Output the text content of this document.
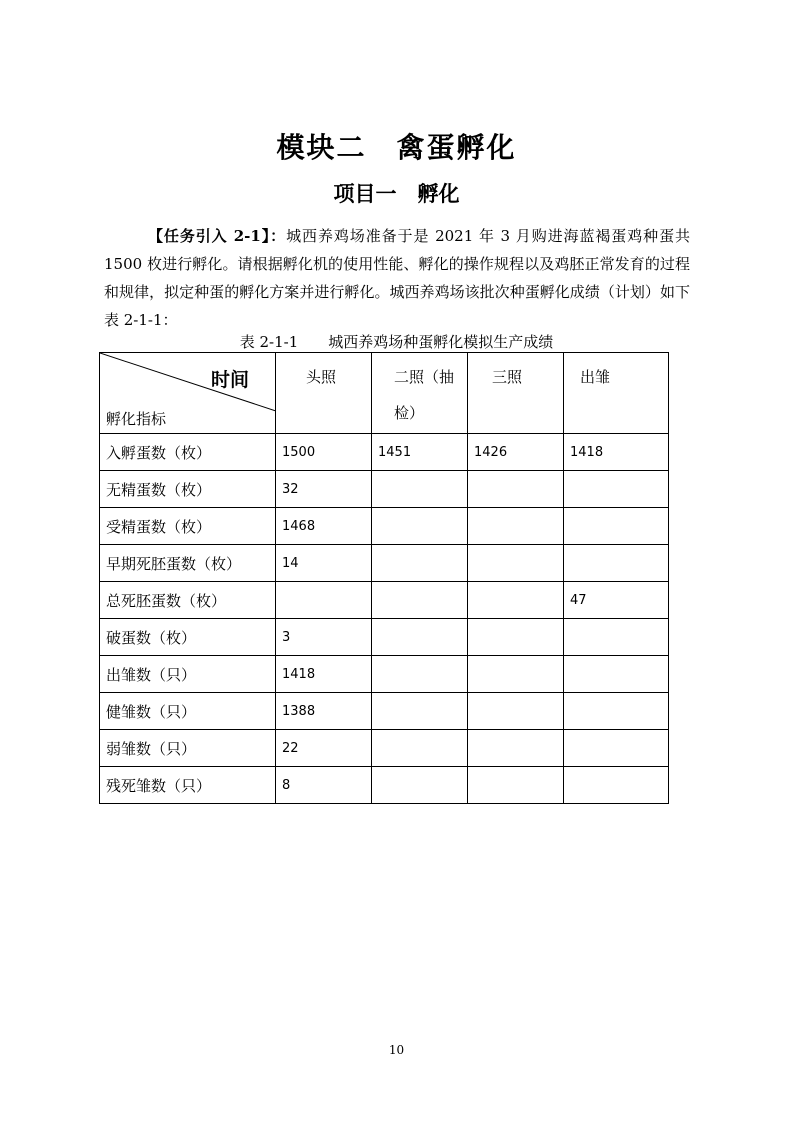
模块二　禽蛋孵化
项目一　孵化
【任务引入 2-1】：城西养鸡场准备于是 2021 年 3 月购进海蓝褐蛋鸡种蛋共 1500 枚进行孵化。请根据孵化机的使用性能、孵化的操作规程以及鸡胚正常发育的过程和规律，拟定种蛋的孵化方案并进行孵化。城西养鸡场该批次种蛋孵化成绩（计划）如下表 2-1-1：
表 2-1-1　　城西养鸡场种蛋孵化模拟生产成绩
时间
孵化指标	头照	二照（抽检）	三照	出雏
入孵蛋数（枚）	1500	1451	1426	1418
无精蛋数（枚）	32			
受精蛋数（枚）	1468			
早期死胚蛋数（枚）	14			
总死胚蛋数（枚）				47
破蛋数（枚）	3			
出雏数（只）	1418			
健雏数（只）	1388			
弱雏数（只）	22			
残死雏数（只）	8			
10
